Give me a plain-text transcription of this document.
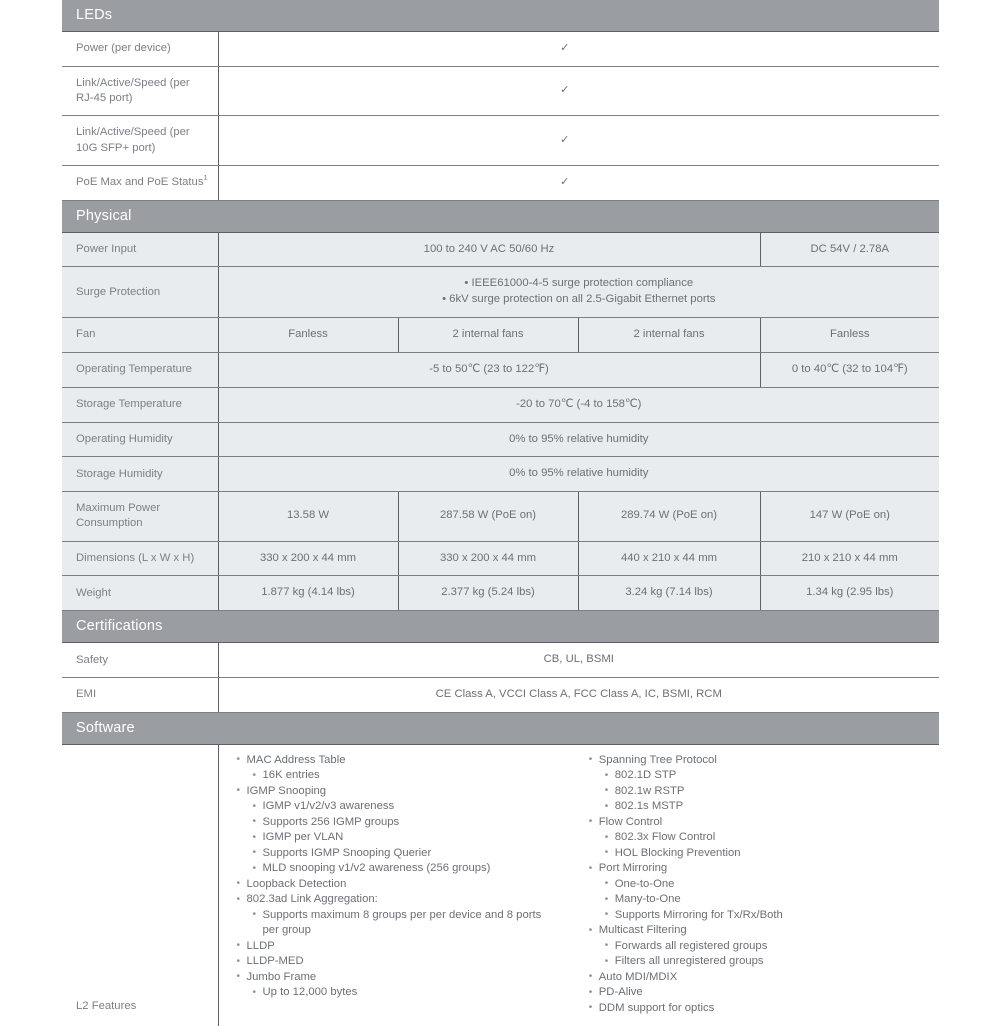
LEDs				
Power (per device)	✓			
Link/Active/Speed (per RJ-45 port)	✓			
Link/Active/Speed (per 10G SFP+ port)	✓			
PoE Max and PoE Status$^1$	✓			
Physical				
Power Input	100 to 240 V AC 50/60 Hz			DC 54V / 2.78A
Surge Protection	• IEEE61000-4-5 surge protection compliance
• 6kV surge protection on all 2.5-Gigabit Ethernet ports			
Fan	Fanless	2 internal fans	2 internal fans	Fanless
Operating Temperature	-5 to 50℃ (23 to 122℉)			0 to 40℃ (32 to 104℉)
Storage Temperature	-20 to 70℃ (-4 to 158℃)			
Operating Humidity	0% to 95% relative humidity			
Storage Humidity	0% to 95% relative humidity			
Maximum Power Consumption	13.58 W	287.58 W (PoE on)	289.74 W (PoE on)	147 W (PoE on)
Dimensions (L x W x H)	330 x 200 x 44 mm	330 x 200 x 44 mm	440 x 210 x 44 mm	210 x 210 x 44 mm
Weight	1.877 kg (4.14 lbs)	2.377 kg (5.24 lbs)	3.24 kg (7.14 lbs)	1.34 kg (2.95 lbs)
Certifications				
Safety	CB, UL, BSMI			
EMI	CE Class A, VCCI Class A, FCC Class A, IC, BSMI, RCM			
Software				
L2 Features	
• MAC Address Table
• 16K entries
• IGMP Snooping
• IGMP v1/v2/v3 awareness
• Supports 256 IGMP groups
• IGMP per VLAN
• Supports IGMP Snooping Querier
• MLD snooping v1/v2 awareness (256 groups)
• Loopback Detection
• 802.3ad Link Aggregation:
• Supports maximum 8 groups per per device and 8 ports
per group
• LLDP
• LLDP-MED
• Jumbo Frame
• Up to 12,000 bytes
• Spanning Tree Protocol
• 802.1D STP
• 802.1w RSTP
• 802.1s MSTP
• Flow Control
• 802.3x Flow Control
• HOL Blocking Prevention
• Port Mirroring
• One-to-One
• Many-to-One
• Supports Mirroring for Tx/Rx/Both
• Multicast Filtering
• Forwards all registered groups
• Filters all unregistered groups
• Auto MDI/MDIX
• PD-Alive
• DDM support for optics
